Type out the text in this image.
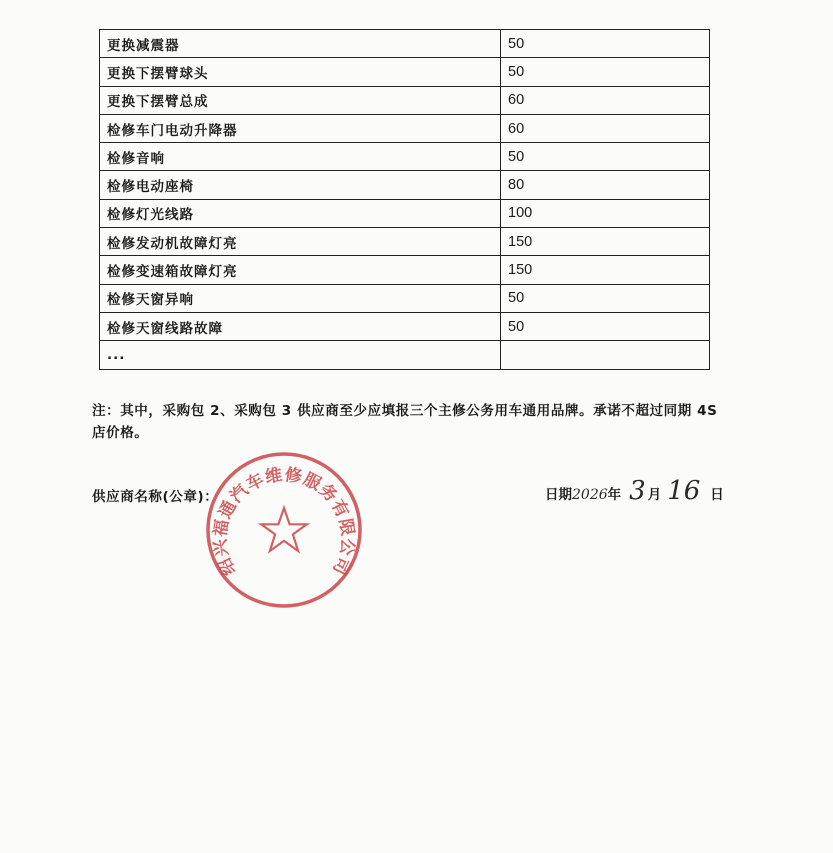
更换减震器	50
更换下摆臂球头	50
更换下摆臂总成	60
检修车门电动升降器	60
检修音响	50
检修电动座椅	80
检修灯光线路	100
检修发动机故障灯亮	150
检修变速箱故障灯亮	150
检修天窗异响	50
检修天窗线路故障	50
...	
注：其中，采购包 2、采购包 3 供应商至少应填报三个主修公务用车通用品牌。承诺不超过同期 4S 店价格。
供应商名称(公章)：	日期 2026 年 3 月 16 日
绍兴福通汽车维修服务有限公司
